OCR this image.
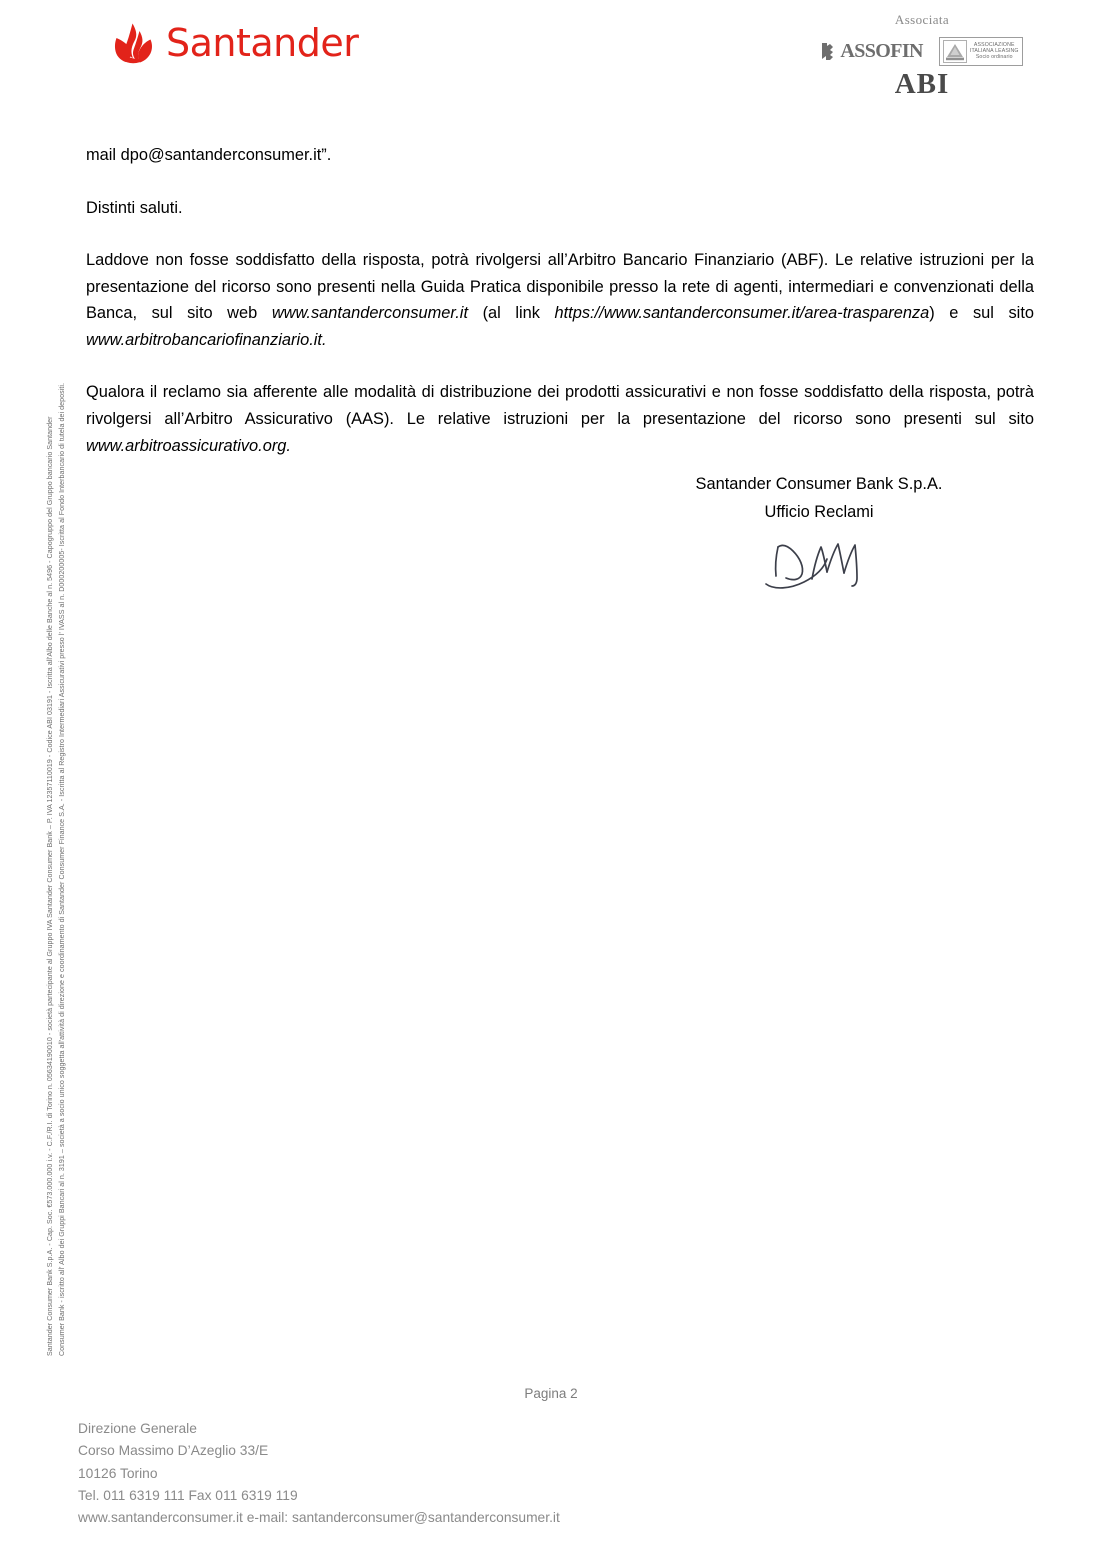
Santander
Associata
ASSOFIN	ASSOCIAZIONE
ITALIANA LEASING
Socio ordinario
ABI
Santander Consumer Bank S.p.A. - Cap. Soc. €573.000.000 i.v. - C.F./R.I. di Torino n. 05634190010 - società partecipante al Gruppo IVA Santander Consumer Bank – P. IVA 12357110019 - Codice ABI 03191 - Iscritta all'Albo delle Banche al n. 5496 - Capogruppo del Gruppo bancario Santander Consumer Bank - iscritto all' Albo dei Gruppi Bancari al n. 3191 – società a socio unico soggetta all'attività di direzione e coordinamento di Santander Consumer Finance S.A. - Iscritta al Registro Intermediari Assicurativi presso l' IVASS al n. D000200005- Iscritta al Fondo Interbancario di tutela dei depositi.

mail dpo@santanderconsumer.it”.

Distinti saluti.

Laddove non fosse soddisfatto della risposta, potrà rivolgersi all’Arbitro Bancario Finanziario (ABF). Le relative istruzioni per la presentazione del ricorso sono presenti nella Guida Pratica disponibile presso la rete di agenti, intermediari e convenzionati della Banca, sul sito web www.santanderconsumer.it (al link https://www.santanderconsumer.it/area-trasparenza) e sul sito www.arbitrobancariofinanziario.it.

Qualora il reclamo sia afferente alle modalità di distribuzione dei prodotti assicurativi e non fosse soddisfatto della risposta, potrà rivolgersi all’Arbitro Assicurativo (AAS). Le relative istruzioni per la presentazione del ricorso sono presenti sul sito www.arbitroassicurativo.org.

Santander Consumer Bank S.p.A.
Ufficio Reclami
Pagina 2
Direzione Generale
Corso Massimo D’Azeglio 33/E
10126 Torino
Tel. 011 6319 111 Fax 011 6319 119
www.santanderconsumer.it e-mail: santanderconsumer@santanderconsumer.it
